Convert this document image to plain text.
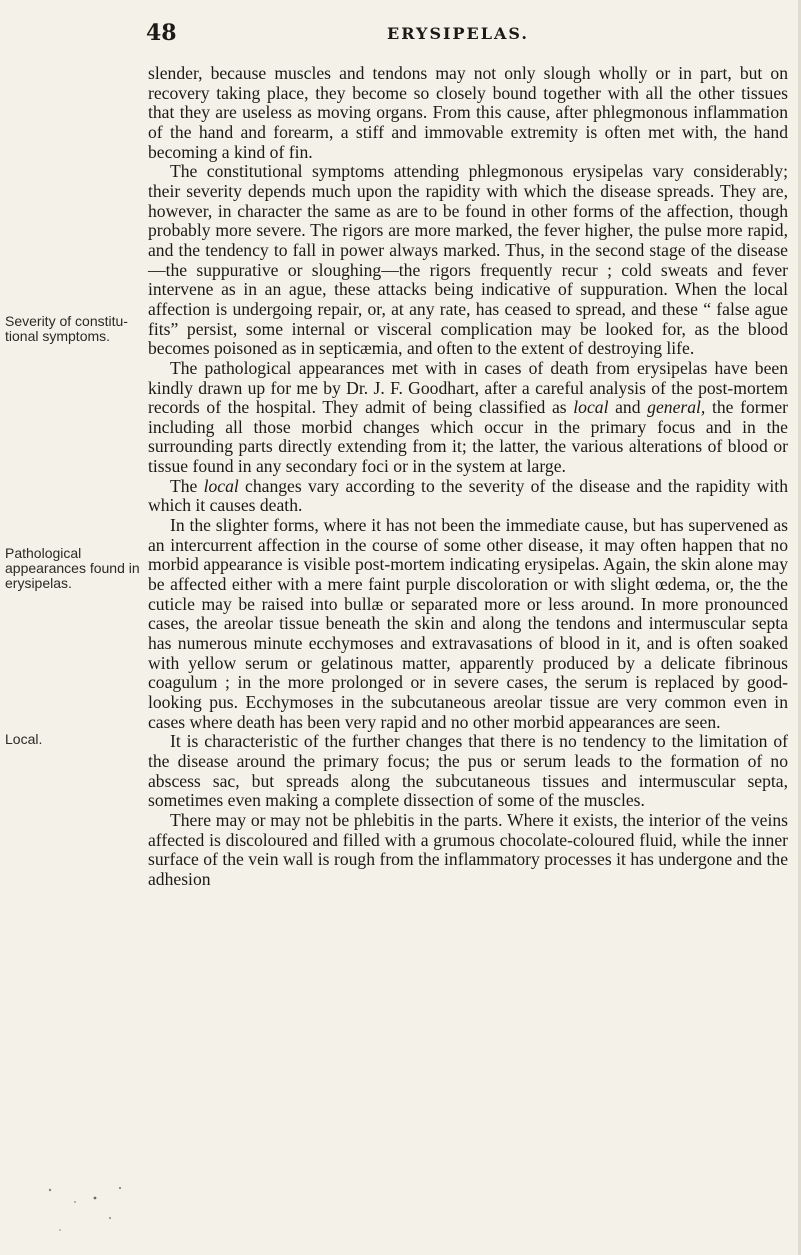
48	ERYSIPELAS.
Severity of constitu- tional symptoms.
Pathological appearances found in erysipelas.
Local.

slender, because muscles and tendons may not only slough wholly or in part, but on recovery taking place, they become so closely bound together with all the other tissues that they are useless as moving organs. From this cause, after phlegmonous inflammation of the hand and forearm, a stiff and immovable extremity is often met with, the hand becoming a kind of fin.

The constitutional symptoms attending phlegmonous erysipelas vary considerably; their severity depends much upon the rapidity with which the disease spreads. They are, however, in character the same as are to be found in other forms of the affection, though probably more severe. The rigors are more marked, the fever higher, the pulse more rapid, and the tendency to fall in power always marked. Thus, in the second stage of the disease—the suppurative or sloughing—the rigors frequently recur ; cold sweats and fever intervene as in an ague, these attacks being indicative of suppuration. When the local affection is undergoing repair, or, at any rate, has ceased to spread, and these “ false ague fits” persist, some internal or visceral complication may be looked for, as the blood becomes poisoned as in septicæmia, and often to the extent of destroying life.

The pathological appearances met with in cases of death from erysipelas have been kindly drawn up for me by Dr. J. F. Goodhart, after a careful analysis of the post-mortem records of the hospital. They admit of being classified as local and general, the former including all those morbid changes which occur in the primary focus and in the surrounding parts directly extending from it; the latter, the various alterations of blood or tissue found in any secondary foci or in the system at large.

The local changes vary according to the severity of the disease and the rapidity with which it causes death.

In the slighter forms, where it has not been the immediate cause, but has supervened as an intercurrent affection in the course of some other disease, it may often happen that no morbid appearance is visible post-mortem indicating erysipelas. Again, the skin alone may be affected either with a mere faint purple discoloration or with slight œdema, or, the the cuticle may be raised into bullæ or separated more or less around. In more pronounced cases, the areolar tissue beneath the skin and along the tendons and intermuscular septa has numerous minute ecchymoses and extravasations of blood in it, and is often soaked with yellow serum or gelatinous matter, apparently produced by a delicate fibrinous coagulum ; in the more prolonged or in severe cases, the serum is replaced by good-looking pus. Ecchymoses in the subcutaneous areolar tissue are very common even in cases where death has been very rapid and no other morbid appearances are seen.

It is characteristic of the further changes that there is no tendency to the limitation of the disease around the primary focus; the pus or serum leads to the formation of no abscess sac, but spreads along the subcutaneous tissues and intermuscular septa, sometimes even making a complete dissection of some of the muscles.

There may or may not be phlebitis in the parts. Where it exists, the interior of the veins affected is discoloured and filled with a grumous chocolate-coloured fluid, while the inner surface of the vein wall is rough from the inflammatory processes it has undergone and the adhesion
